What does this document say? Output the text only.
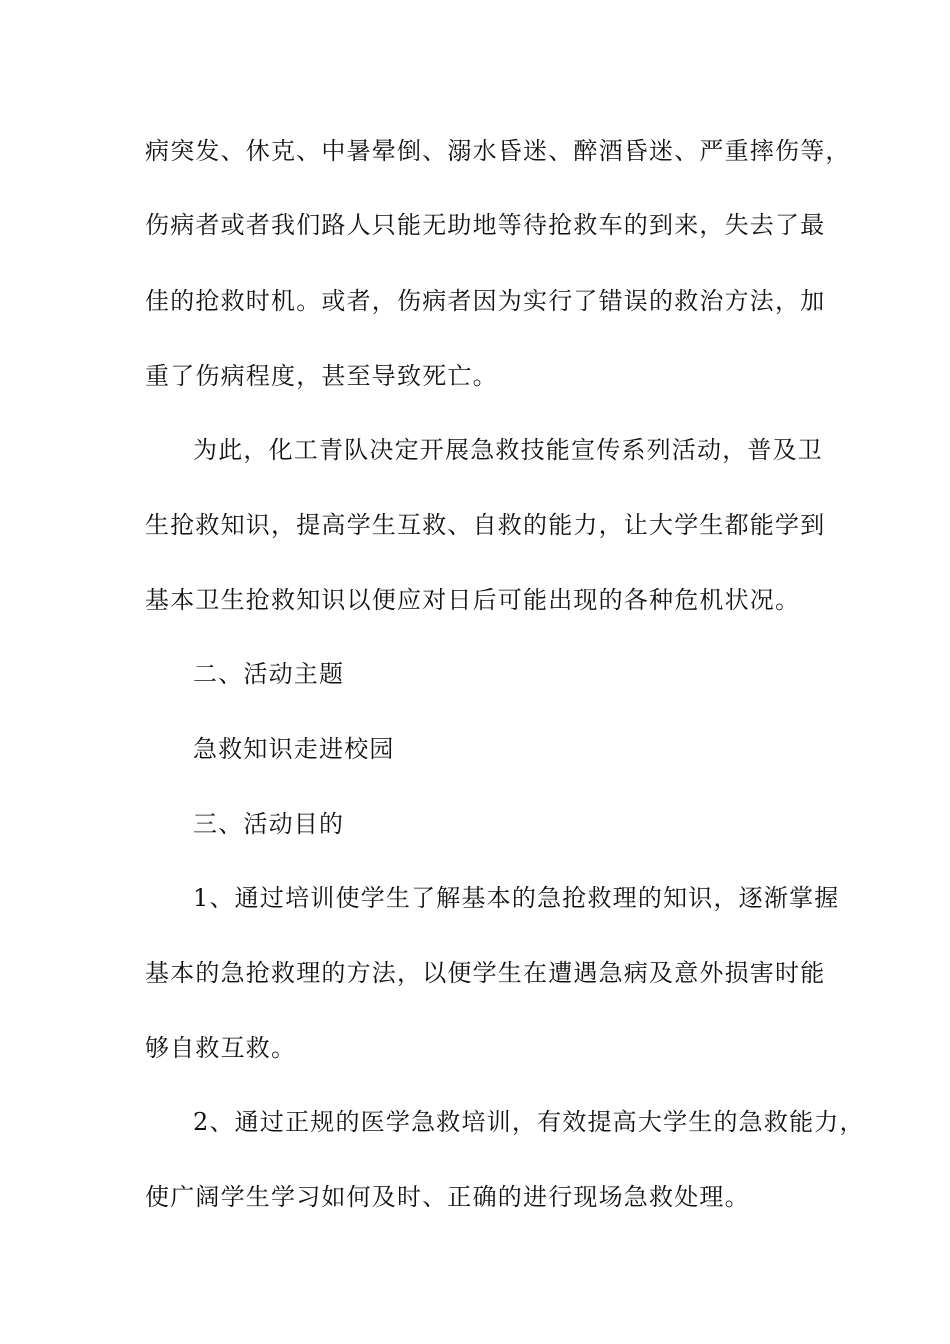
病突发、休克、中暑晕倒、溺水昏迷、醉酒昏迷、严重摔伤等，
伤病者或者我们路人只能无助地等待抢救车的到来，失去了最
佳的抢救时机。或者，伤病者因为实行了错误的救治方法，加
重了伤病程度，甚至导致死亡。
为此，化工青队决定开展急救技能宣传系列活动，普及卫
生抢救知识，提高学生互救、自救的能力，让大学生都能学到
基本卫生抢救知识以便应对日后可能出现的各种危机状况。
二、活动主题
急救知识走进校园
三、活动目的
1、通过培训使学生了解基本的急抢救理的知识，逐渐掌握
基本的急抢救理的方法，以便学生在遭遇急病及意外损害时能
够自救互救。
2、通过正规的医学急救培训，有效提高大学生的急救能力，
使广阔学生学习如何及时、正确的进行现场急救处理。
